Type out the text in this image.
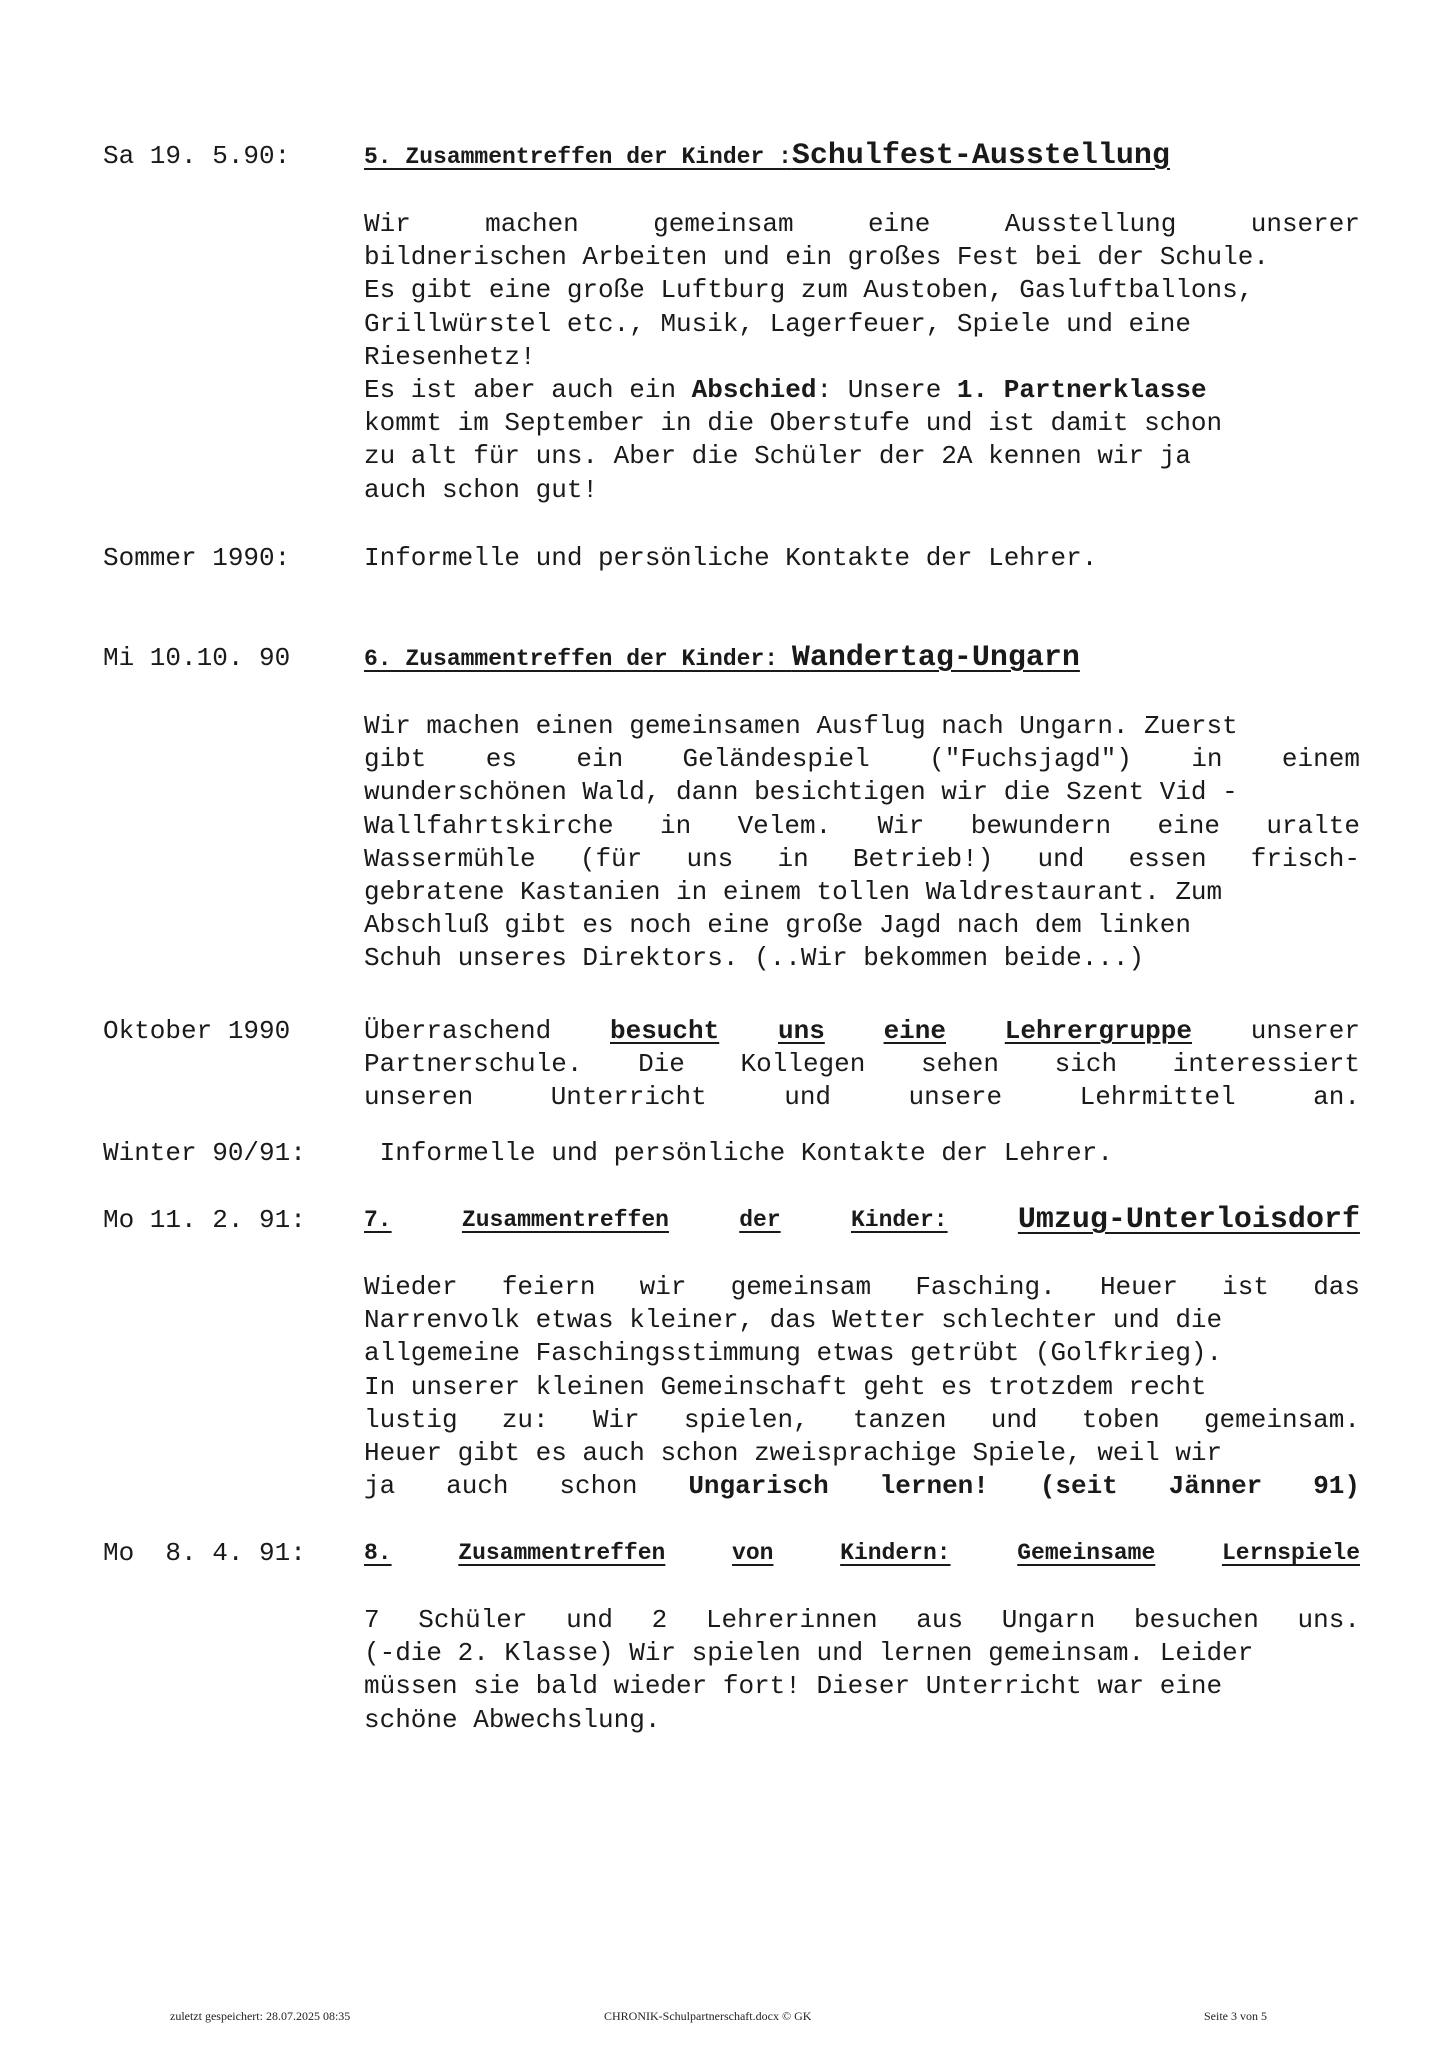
Sa 19. 5.90:	5. Zusammentreffen der Kinder :Schulfest-Ausstellung
Wir	machen	gemeinsam	eine	Ausstellung	unserer
bildnerischen Arbeiten und ein großes Fest bei der Schule.
Es gibt eine große Luftburg zum Austoben, Gasluftballons,
Grillwürstel etc., Musik, Lagerfeuer, Spiele und eine
Riesenhetz!
Es ist aber auch ein Abschied: Unsere 1. Partnerklasse
kommt im September in die Oberstufe und ist damit schon
zu alt für uns. Aber die Schüler der 2A kennen wir ja
auch schon gut!
Sommer 1990:	Informelle und persönliche Kontakte der Lehrer.
Mi 10.10. 90	6. Zusammentreffen der Kinder: Wandertag-Ungarn
Wir machen einen gemeinsamen Ausflug nach Ungarn. Zuerst
gibt es ein Geländespiel ("Fuchsjagd") in einem
wunderschönen Wald, dann besichtigen wir die Szent Vid -
Wallfahrtskirche in Velem. Wir bewundern eine uralte
Wassermühle (für uns in Betrieb!) und essen frisch-
gebratene Kastanien in einem tollen Waldrestaurant. Zum
Abschluß gibt es noch eine große Jagd nach dem linken
Schuh unseres Direktors. (..Wir bekommen beide...)
Oktober 1990	Überraschend besucht uns eine Lehrergruppe unserer
Partnerschule. Die Kollegen sehen sich interessiert
unseren	Unterricht	und	unsere	Lehrmittel	an.
Winter 90/91: Informelle und persönliche Kontakte der Lehrer.
Mo 11. 2. 91:	7.	Zusammentreffen	der	Kinder: Umzug-Unterloisdorf
Wieder feiern wir gemeinsam Fasching. Heuer ist das
Narrenvolk etwas kleiner, das Wetter schlechter und die
allgemeine Faschingsstimmung etwas getrübt (Golfkrieg).
In unserer kleinen Gemeinschaft geht es trotzdem recht
lustig zu: Wir spielen, tanzen und toben gemeinsam.
Heuer gibt es auch schon zweisprachige Spiele, weil wir
ja auch schon Ungarisch lernen! (seit Jänner 91)
Mo  8. 4. 91:	8.	Zusammentreffen	von	Kindern:	Gemeinsame	Lernspiele
7 Schüler und 2 Lehrerinnen aus Ungarn besuchen uns.
(-die 2. Klasse) Wir spielen und lernen gemeinsam. Leider
müssen sie bald wieder fort! Dieser Unterricht war eine
schöne Abwechslung.
zuletzt gespeichert: 28.07.2025 08:35	CHRONIK-Schulpartnerschaft.docx © GK	Seite 3 von 5
